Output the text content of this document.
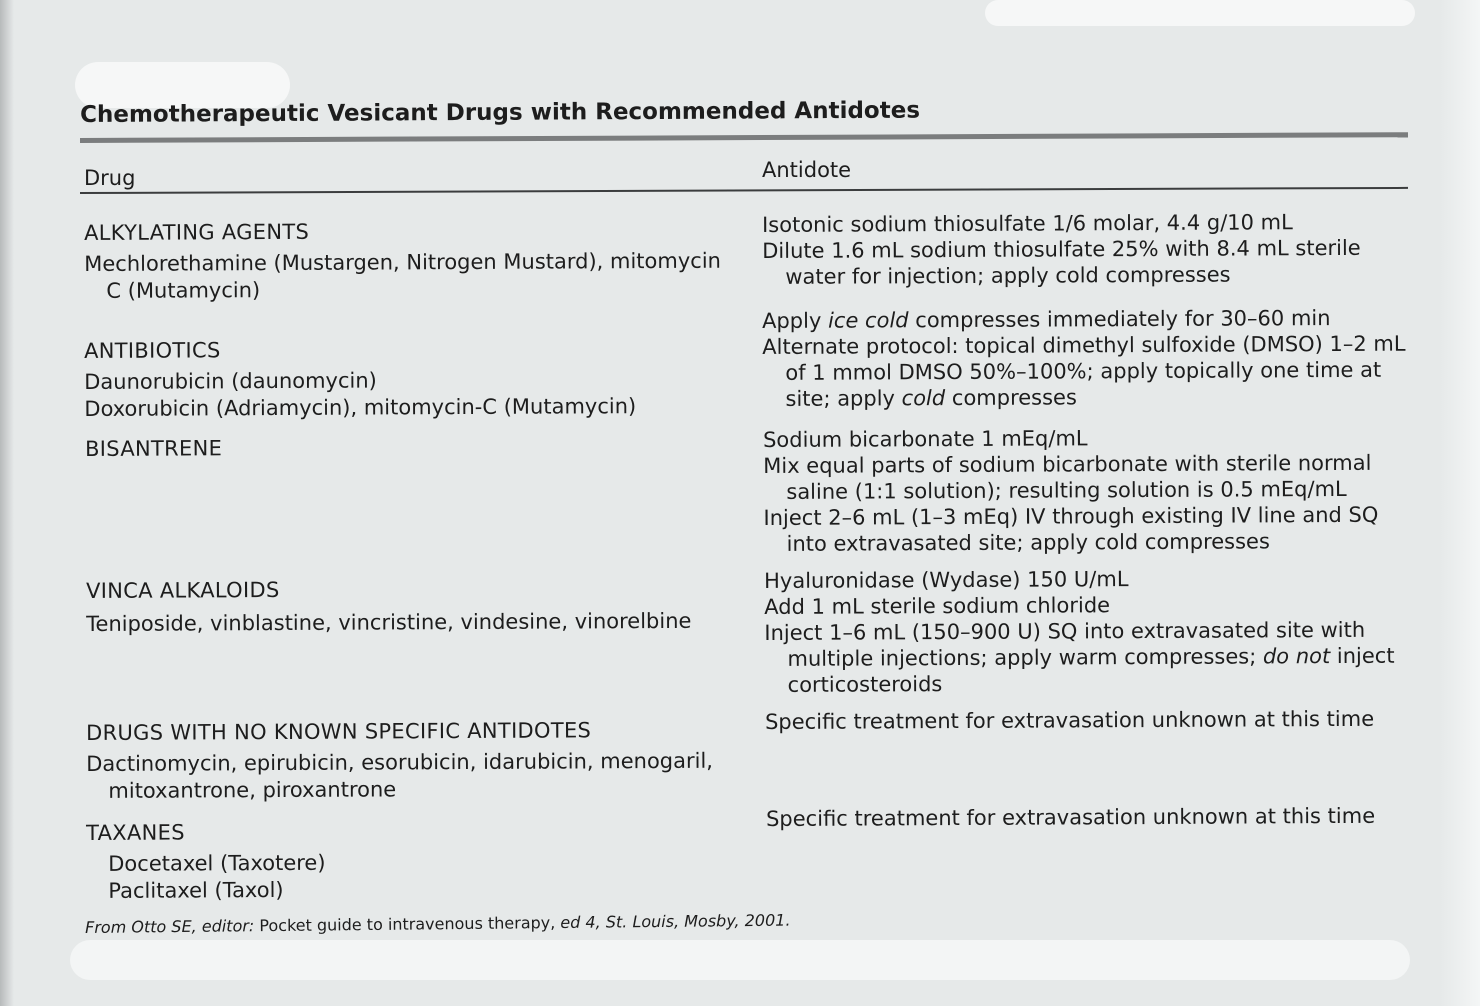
Chemotherapeutic Vesicant Drugs with Recommended Antidotes
Drug	Antidote
ALKYLATING AGENTS
Mechlorethamine (Mustargen, Nitrogen Mustard), mitomycin
C (Mutamycin)
ANTIBIOTICS
Daunorubicin (daunomycin)
Doxorubicin (Adriamycin), mitomycin-C (Mutamycin)
BISANTRENE
VINCA ALKALOIDS
Teniposide, vinblastine, vincristine, vindesine, vinorelbine
DRUGS WITH NO KNOWN SPECIFIC ANTIDOTES
Dactinomycin, epirubicin, esorubicin, idarubicin, menogaril,
mitoxantrone, piroxantrone
TAXANES
Docetaxel (Taxotere)
Paclitaxel (Taxol)
Isotonic sodium thiosulfate 1/6 molar, 4.4 g/10 mL
Dilute 1.6 mL sodium thiosulfate 25% with 8.4 mL sterile
water for injection; apply cold compresses
Apply ice cold compresses immediately for 30–60 min
Alternate protocol: topical dimethyl sulfoxide (DMSO) 1–2 mL
of 1 mmol DMSO 50%–100%; apply topically one time at
site; apply cold compresses
Sodium bicarbonate 1 mEq/mL
Mix equal parts of sodium bicarbonate with sterile normal
saline (1:1 solution); resulting solution is 0.5 mEq/mL
Inject 2–6 mL (1–3 mEq) IV through existing IV line and SQ
into extravasated site; apply cold compresses
Hyaluronidase (Wydase) 150 U/mL
Add 1 mL sterile sodium chloride
Inject 1–6 mL (150–900 U) SQ into extravasated site with
multiple injections; apply warm compresses; do not inject
corticosteroids
Specific treatment for extravasation unknown at this time
Specific treatment for extravasation unknown at this time
From Otto SE, editor: Pocket guide to intravenous therapy, ed 4, St. Louis, Mosby, 2001.
